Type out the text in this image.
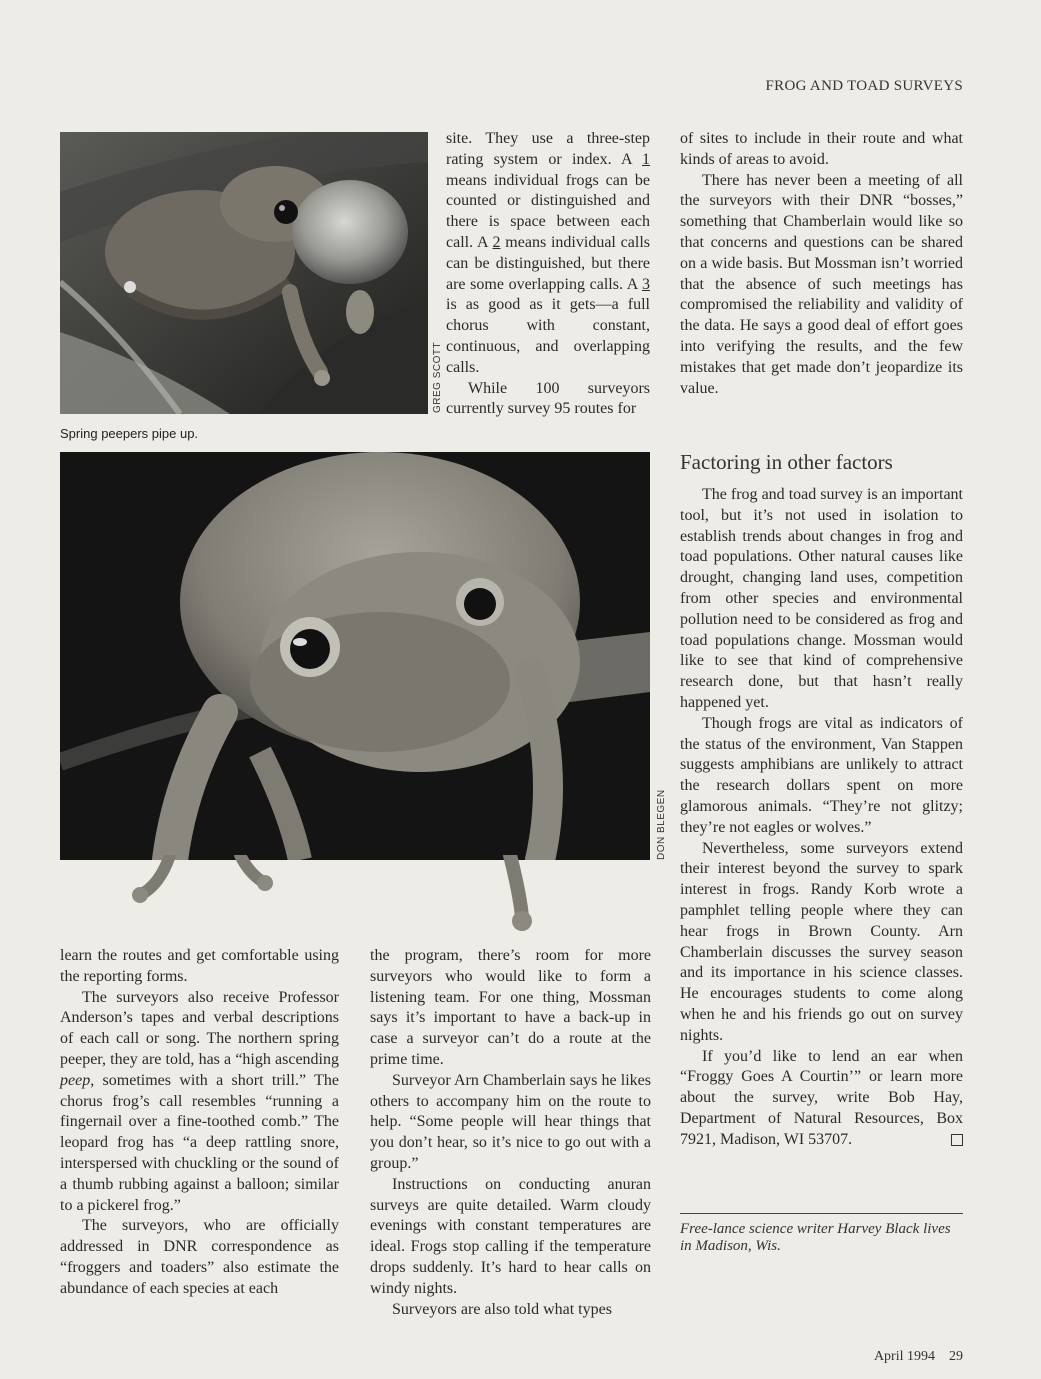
FROG AND TOAD SURVEYS
GREG SCOTT
Spring peepers pipe up.

site. They use a three-step rating system or index. A 1 means individual frogs can be counted or distinguished and there is space between each call. A 2 means individual calls can be distinguished, but there are some overlapping calls. A 3 is as good as it gets—a full chorus with constant, continuous, and overlapping calls.

While 100 surveyors currently survey 95 routes for

of sites to include in their route and what kinds of areas to avoid.

There has never been a meeting of all the surveyors with their DNR “bosses,” something that Chamberlain would like so that concerns and questions can be shared on a wide basis. But Mossman isn’t worried that the absence of such meetings has compromised the reliability and validity of the data. He says a good deal of effort goes into verifying the results, and the few mistakes that get made don’t jeopardize its value.

Factoring in other factors
DON BLEGEN

The frog and toad survey is an important tool, but it’s not used in isolation to establish trends about changes in frog and toad populations. Other natural causes like drought, changing land uses, competition from other species and environmental pollution need to be considered as frog and toad populations change. Mossman would like to see that kind of comprehensive research done, but that hasn’t really happened yet.

Though frogs are vital as indicators of the status of the environment, Van Stappen suggests amphibians are unlikely to attract the research dollars spent on more glamorous animals. “They’re not glitzy; they’re not eagles or wolves.”

Nevertheless, some surveyors extend their interest beyond the survey to spark interest in frogs. Randy Korb wrote a pamphlet telling people where they can hear frogs in Brown County. Arn Chamberlain discusses the survey season and its importance in his science classes. He encourages students to come along when he and his friends go out on survey nights.

If you’d like to lend an ear when “Froggy Goes A Courtin’” or learn more about the survey, write Bob Hay, Department of Natural Resources, Box 7921, Madison, WI 53707.

Free-lance science writer Harvey Black lives in Madison, Wis.

learn the routes and get comfortable using the reporting forms.

The surveyors also receive Professor Anderson’s tapes and verbal descriptions of each call or song. The northern spring peeper, they are told, has a “high ascending peep, sometimes with a short trill.” The chorus frog’s call resembles “running a fingernail over a fine-toothed comb.” The leopard frog has “a deep rattling snore, interspersed with chuckling or the sound of a thumb rubbing against a balloon; similar to a pickerel frog.”

The surveyors, who are officially addressed in DNR correspondence as “froggers and toaders” also estimate the abundance of each species at each

the program, there’s room for more surveyors who would like to form a listening team. For one thing, Mossman says it’s important to have a back-up in case a surveyor can’t do a route at the prime time.

Surveyor Arn Chamberlain says he likes others to accompany him on the route to help. “Some people will hear things that you don’t hear, so it’s nice to go out with a group.”

Instructions on conducting anuran surveys are quite detailed. Warm cloudy evenings with constant temperatures are ideal. Frogs stop calling if the temperature drops suddenly. It’s hard to hear calls on windy nights.

Surveyors are also told what types

April 1994 29
